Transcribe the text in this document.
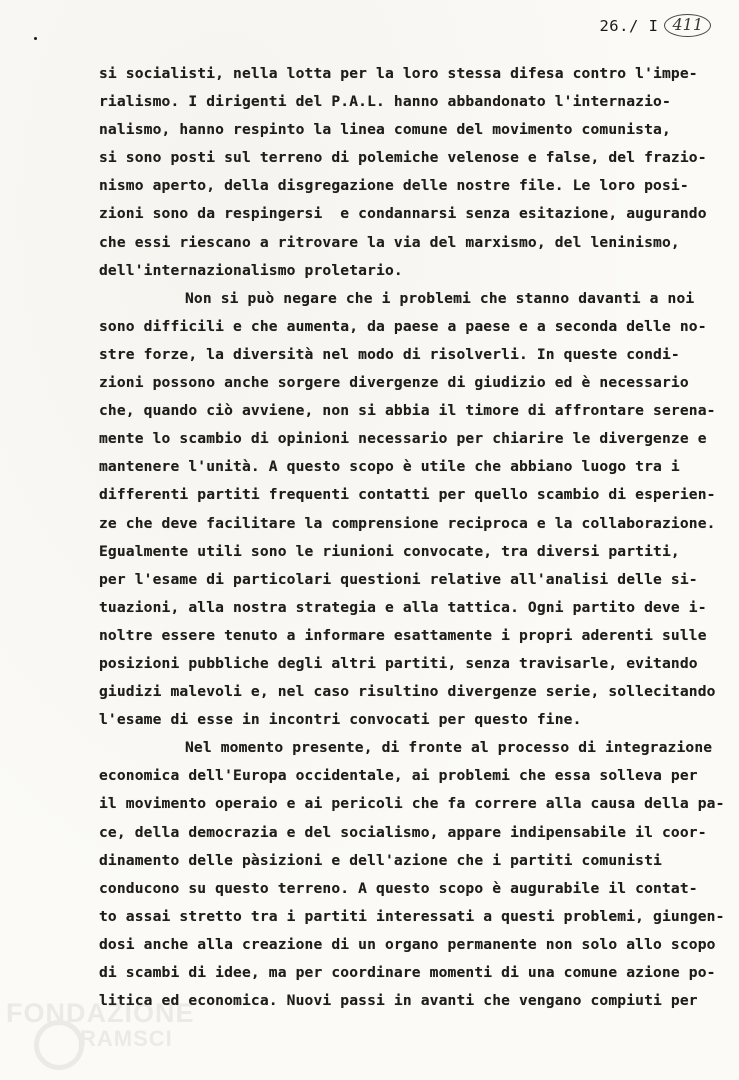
26./ I 411
si socialisti, nella lotta per la loro stessa difesa contro l'impe-
rialismo. I dirigenti del P.A.L. hanno abbandonato l'internazio-
nalismo, hanno respinto la linea comune del movimento comunista,
si sono posti sul terreno di polemiche velenose e false, del frazio-
nismo aperto, della disgregazione delle nostre file. Le loro posi-
zioni sono da respingersi  e condannarsi senza esitazione, augurando
che essi riescano a ritrovare la via del marxismo, del leninismo,
dell'internazionalismo proletario.
Non si può negare che i problemi che stanno davanti a noi
sono difficili e che aumenta, da paese a paese e a seconda delle no-
stre forze, la diversità nel modo di risolverli. In queste condi-
zioni possono anche sorgere divergenze di giudizio ed è necessario
che, quando ciò avviene, non si abbia il timore di affrontare serena-
mente lo scambio di opinioni necessario per chiarire le divergenze e
mantenere l'unità. A questo scopo è utile che abbiano luogo tra i
differenti partiti frequenti contatti per quello scambio di esperien-
ze che deve facilitare la comprensione reciproca e la collaborazione.
Egualmente utili sono le riunioni convocate, tra diversi partiti,
per l'esame di particolari questioni relative all'analisi delle si-
tuazioni, alla nostra strategia e alla tattica. Ogni partito deve i-
noltre essere tenuto a informare esattamente i propri aderenti sulle
posizioni pubbliche degli altri partiti, senza travisarle, evitando
giudizi malevoli e, nel caso risultino divergenze serie, sollecitando
l'esame di esse in incontri convocati per questo fine.
Nel momento presente, di fronte al processo di integrazione
economica dell'Europa occidentale, ai problemi che essa solleva per
il movimento operaio e ai pericoli che fa correre alla causa della pa-
ce, della democrazia e del socialismo, appare indipensabile il coor-
dinamento delle pàsizioni e dell'azione che i partiti comunisti
conducono su questo terreno. A questo scopo è augurabile il contat-
to assai stretto tra i partiti interessati a questi problemi, giungen-
dosi anche alla creazione di un organo permanente non solo allo scopo
di scambi di idee, ma per coordinare momenti di una comune azione po-
litica ed economica. Nuovi passi in avanti che vengano compiuti per
FONDAZIONE
RAMSCI
